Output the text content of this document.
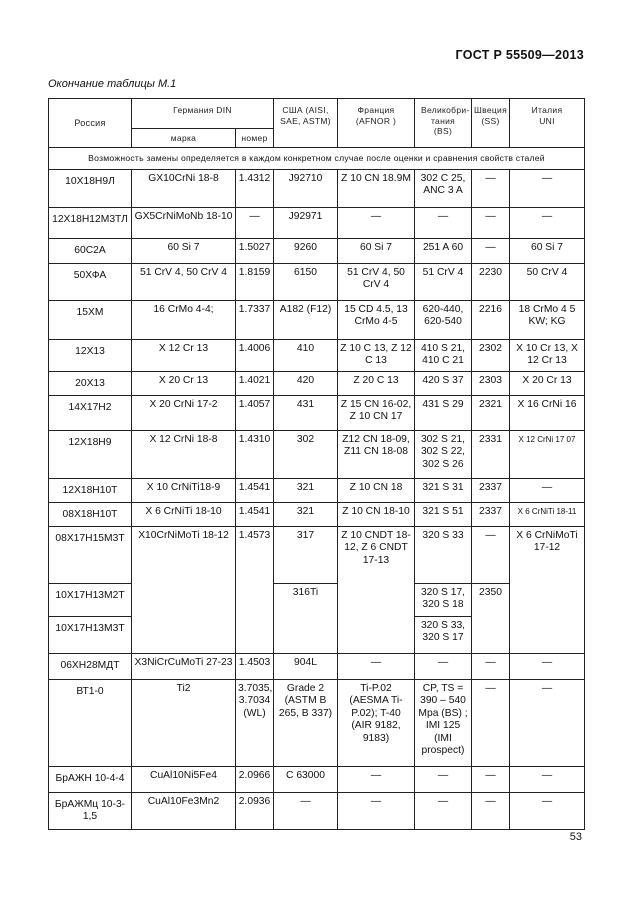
ГОСТ Р 55509—2013
Окончание таблицы М.1
Россия	Германия DIN		США (AISI, SAE, ASTM)	Франция (AFNOR )	Великобри-тания (BS)	Швеция (SS)	Италия UNI
	марка	номер					
Возможность замены определяется в каждом конкретном случае после оценки и сравнения свойств сталей							
10Х18Н9Л	GX10CrNi 18-8	1.4312	J92710	Z 10 CN 18.9M	302 C 25, ANC 3 A	—	—
12Х18Н12М3ТЛ	GX5CrNiMoNb 18-10	—	J92971	—	—	—	—
60С2А	60 Si 7	1.5027	9260	60 Si 7	251 A 60	—	60 Si 7
50ХФА	51 CrV 4, 50 CrV 4	1.8159	6150	51 CrV 4, 50 CrV 4	51 CrV 4	2230	50 CrV 4
15ХМ	16 CrMo 4-4;	1.7337	A182 (F12)	15 CD 4.5, 13 CrMo 4-5	620-440, 620-540	2216	18 CrMo 4 5 KW; KG
12Х13	X 12 Cr 13	1.4006	410	Z 10 C 13, Z 12 C 13	410 S 21, 410 C 21	2302	X 10 Cr 13, X 12 Cr 13
20Х13	X 20 Cr 13	1.4021	420	Z 20 C 13	420 S 37	2303	X 20 Cr 13
14Х17Н2	X 20 CrNi 17-2	1.4057	431	Z 15 CN 16-02, Z 10 CN 17	431 S 29	2321	X 16 CrNi 16
12Х18Н9	X 12 CrNi 18-8	1.4310	302	Z12 CN 18-09, Z11 CN 18-08	302 S 21, 302 S 22, 302 S 26	2331	X 12 CrNi 17 07
12Х18Н10Т	X 10 CrNiTi18-9	1.4541	321	Z 10 CN 18	321 S 31	2337	—
08Х18Н10Т	X 6 CrNiTi 18-10	1.4541	321	Z 10 CN 18-10	321 S 51	2337	X 6 CrNiTi 18-11
08Х17Н15М3Т	X10CrNiMoTi 18-12	1.4573	317	Z 10 CNDT 18-12, Z 6 CNDT 17-13	320 S 33	—	X 6 CrNiMoTi 17-12
10Х17Н13М2Т			316Ti		320 S 17, 320 S 18	2350	
10Х17Н13М3Т					320 S 33, 320 S 17		
06ХН28МДТ	X3NiCrCuMoTi 27-23	1.4503	904L	—	—	—	—
ВТ1-0	Ti2	3.7035, 3.7034 (WL)	Grade 2 (ASTM B 265, B 337)	Ti-P.02 (AESMA Ti-P.02); T-40 (AIR 9182, 9183)	CP, TS = 390 – 540 Mpa (BS) ; IMI 125 (IMI prospect)	—	—
БрАЖН 10-4-4	CuAl10Ni5Fe4	2.0966	C 63000	—	—	—	—
БрАЖМц 10-3-1,5	CuAl10Fe3Mn2	2.0936	—	—	—	—	—
53
